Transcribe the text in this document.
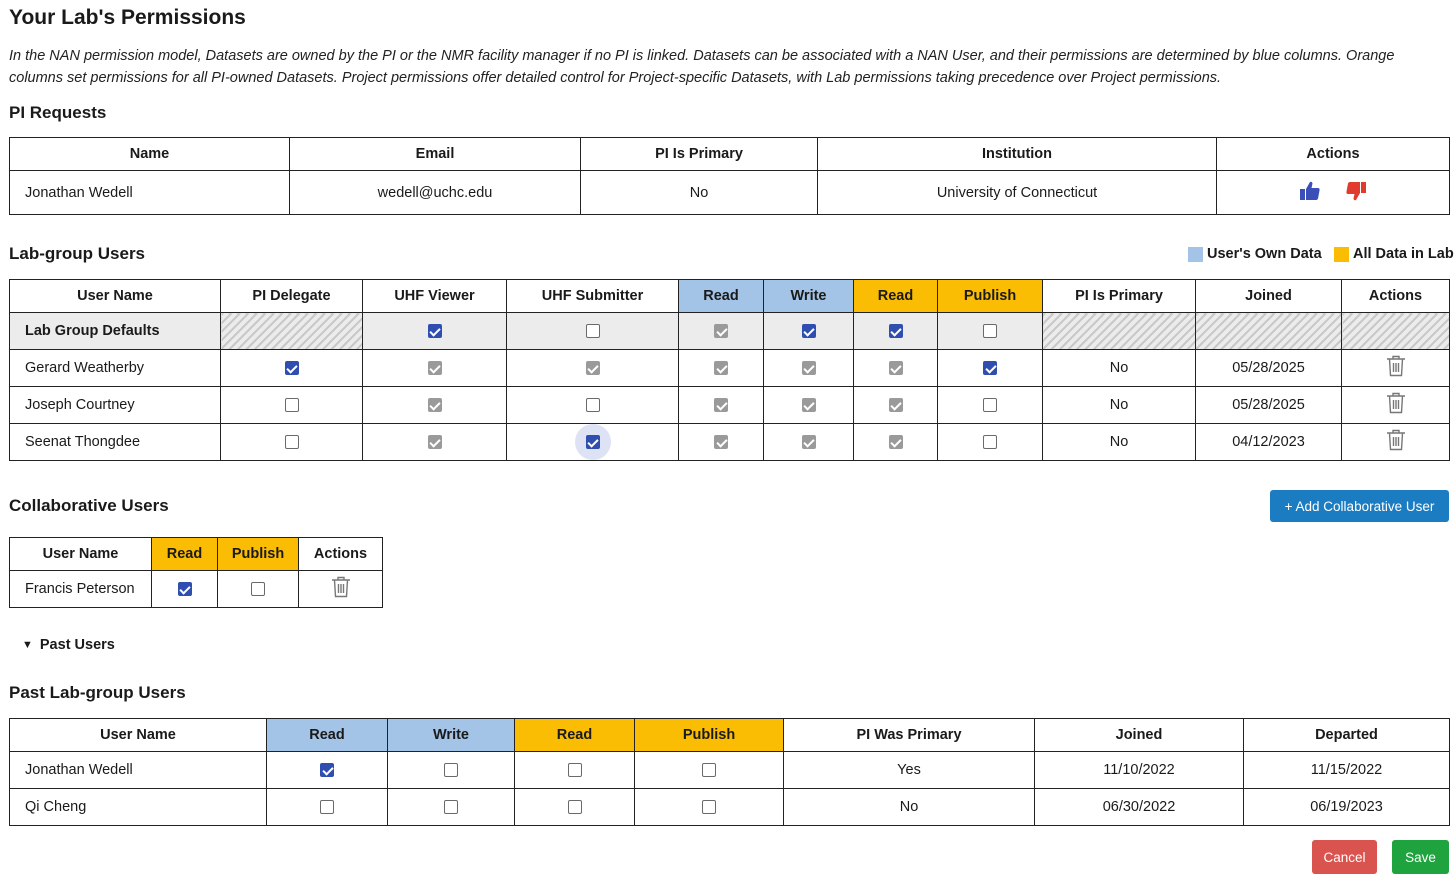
Your Lab's Permissions

In the NAN permission model, Datasets are owned by the PI or the NMR facility manager if no PI is linked. Datasets can be associated with a NAN User, and their permissions are determined by blue columns. Orange columns set permissions for all PI-owned Datasets. Project permissions offer detailed control for Project-specific Datasets, with Lab permissions taking precedence over Project permissions.

PI Requests
Name	Email	PI Is Primary	Institution	Actions
Jonathan Wedell	wedell@uchc.edu	No	University of Connecticut	
Lab-group Users	User's Own Data All Data in Lab
User Name	PI Delegate	UHF Viewer	UHF Submitter	Read	Write	Read	Publish	PI Is Primary	Joined	Actions
Lab Group Defaults										
Gerard Weatherby								No	05/28/2025	
Joseph Courtney								No	05/28/2025	
Seenat Thongdee								No	04/12/2023	
Collaborative Users	+ Add Collaborative User
User Name	Read	Publish	Actions
Francis Peterson			
▼ Past Users
Past Lab-group Users
User Name	Read	Write	Read	Publish	PI Was Primary	Joined	Departed
Jonathan Wedell					Yes	11/10/2022	11/15/2022
Qi Cheng					No	06/30/2022	06/19/2023
Cancel	Save
